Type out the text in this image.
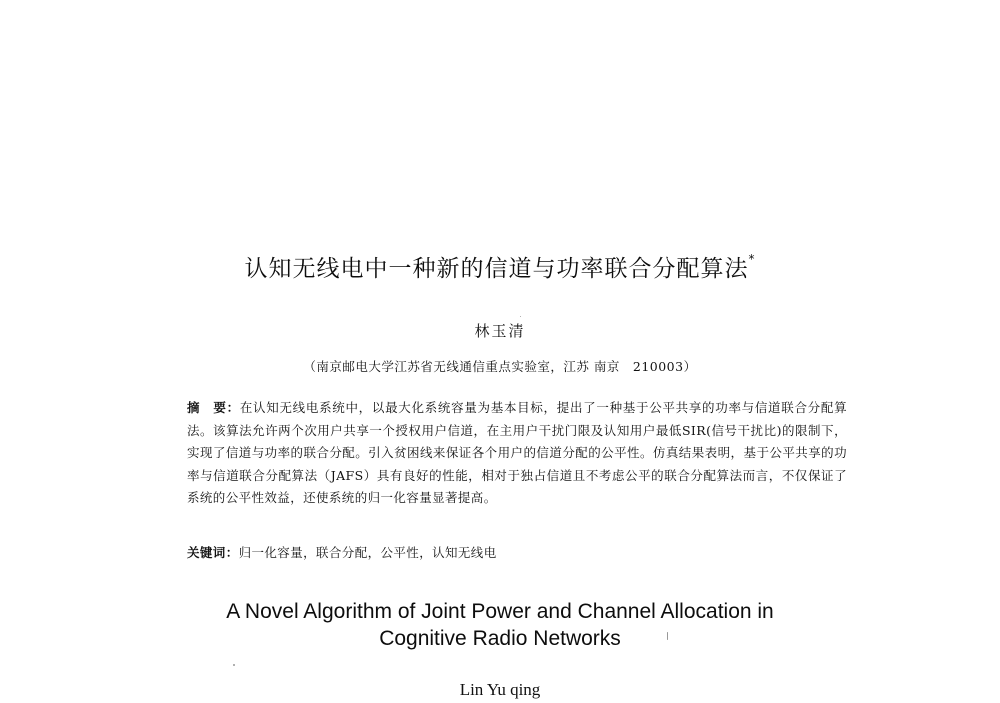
认知无线电中一种新的信道与功率联合分配算法*
林玉清
（南京邮电大学江苏省无线通信重点实验室，江苏 南京　210003）
摘　要：在认知无线电系统中，以最大化系统容量为基本目标，提出了一种基于公平共享的功率与信道联合分配算法。该算法允许两个次用户共享一个授权用户信道，在主用户干扰门限及认知用户最低SIR(信号干扰比)的限制下，实现了信道与功率的联合分配。引入贫困线来保证各个用户的信道分配的公平性。仿真结果表明，基于公平共享的功率与信道联合分配算法（JAFS）具有良好的性能，相对于独占信道且不考虑公平的联合分配算法而言，不仅保证了系统的公平性效益，还使系统的归一化容量显著提高。
关键词：归一化容量，联合分配，公平性，认知无线电
A Novel Algorithm of Joint Power and Channel Allocation in
Cognitive Radio Networks
Lin Yu qing
